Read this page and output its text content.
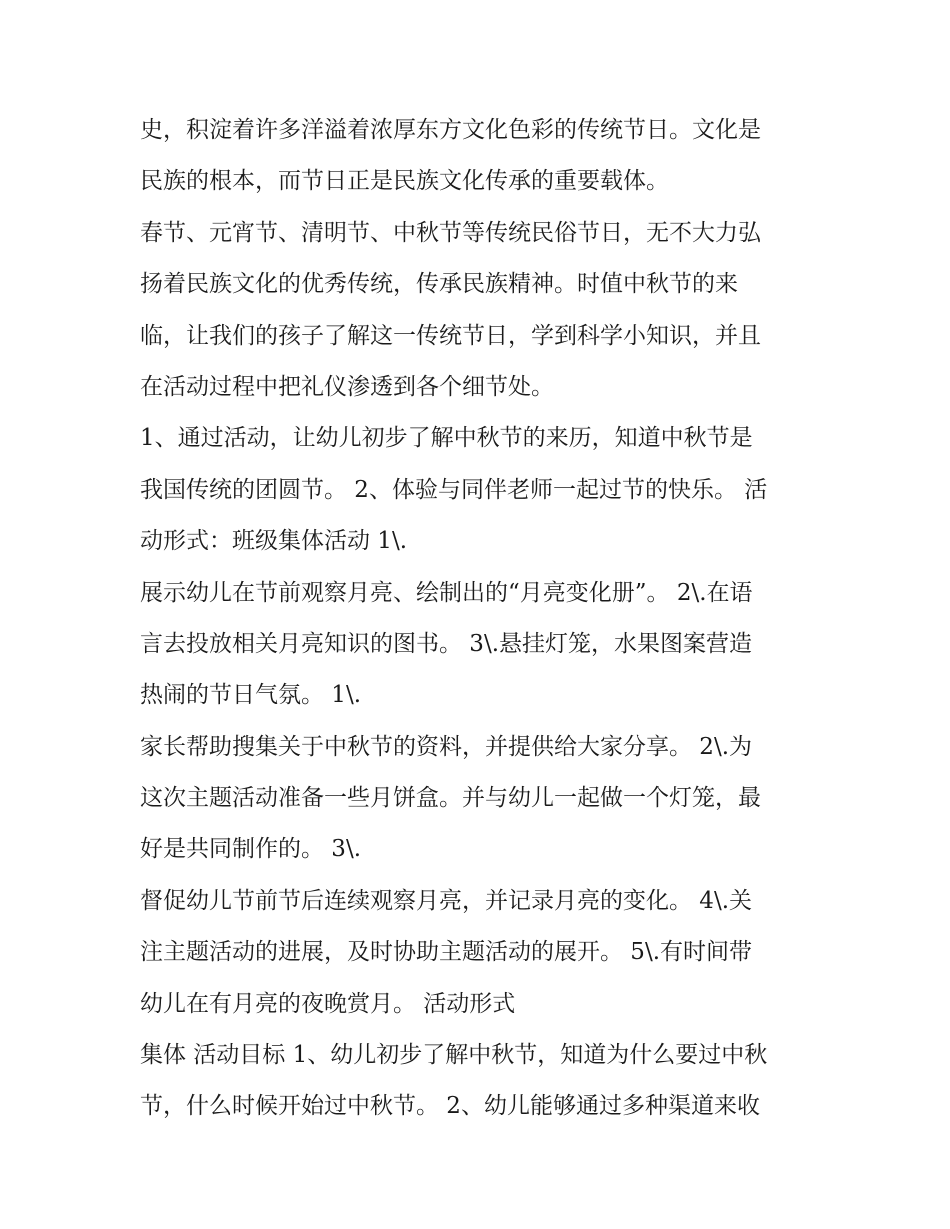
史，积淀着许多洋溢着浓厚东方文化色彩的传统节日。文化是
民族的根本，而节日正是民族文化传承的重要载体。
春节、元宵节、清明节、中秋节等传统民俗节日，无不大力弘
扬着民族文化的优秀传统，传承民族精神。时值中秋节的来
临，让我们的孩子了解这一传统节日，学到科学小知识，并且
在活动过程中把礼仪渗透到各个细节处。
1、通过活动，让幼儿初步了解中秋节的来历，知道中秋节是
我国传统的团圆节。 2、体验与同伴老师一起过节的快乐。 活
动形式：班级集体活动 1\.
展示幼儿在节前观察月亮、绘制出的“月亮变化册”。 2\.在语
言去投放相关月亮知识的图书。 3\.悬挂灯笼，水果图案营造
热闹的节日气氛。 1\.
家长帮助搜集关于中秋节的资料，并提供给大家分享。 2\.为
这次主题活动准备一些月饼盒。并与幼儿一起做一个灯笼，最
好是共同制作的。 3\.
督促幼儿节前节后连续观察月亮，并记录月亮的变化。 4\.关
注主题活动的进展，及时协助主题活动的展开。 5\.有时间带
幼儿在有月亮的夜晚赏月。 活动形式
集体 活动目标 1、幼儿初步了解中秋节，知道为什么要过中秋
节，什么时候开始过中秋节。 2、幼儿能够通过多种渠道来收
